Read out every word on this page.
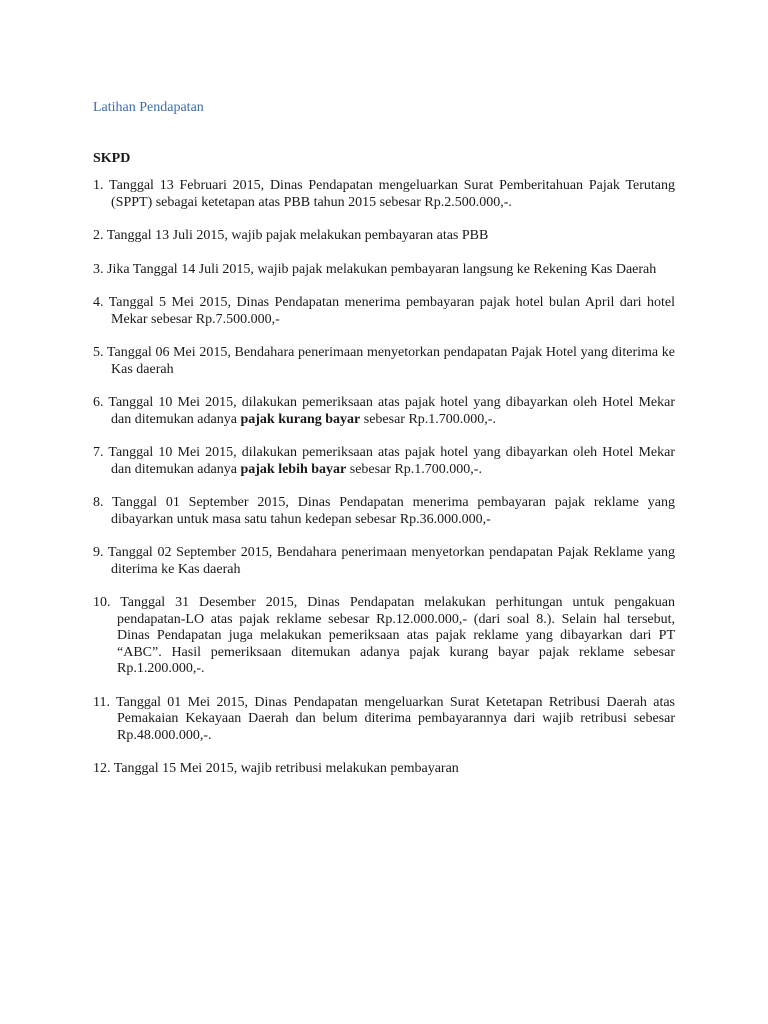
Latihan Pendapatan
SKPD
1. Tanggal 13 Februari 2015, Dinas Pendapatan mengeluarkan Surat Pemberitahuan Pajak Terutang (SPPT) sebagai ketetapan atas PBB tahun 2015 sebesar Rp.2.500.000,-.
2. Tanggal 13 Juli 2015, wajib pajak melakukan pembayaran atas PBB
3. Jika Tanggal 14 Juli 2015, wajib pajak melakukan pembayaran langsung ke Rekening Kas Daerah
4. Tanggal 5 Mei 2015, Dinas Pendapatan menerima pembayaran pajak hotel bulan April dari hotel Mekar sebesar Rp.7.500.000,-
5. Tanggal 06 Mei 2015, Bendahara penerimaan menyetorkan pendapatan Pajak Hotel yang diterima ke Kas daerah
6. Tanggal 10 Mei 2015, dilakukan pemeriksaan atas pajak hotel yang dibayarkan oleh Hotel Mekar dan ditemukan adanya pajak kurang bayar sebesar Rp.1.700.000,-.
7. Tanggal 10 Mei 2015, dilakukan pemeriksaan atas pajak hotel yang dibayarkan oleh Hotel Mekar dan ditemukan adanya pajak lebih bayar sebesar Rp.1.700.000,-.
8. Tanggal 01 September 2015, Dinas Pendapatan menerima pembayaran pajak reklame yang dibayarkan untuk masa satu tahun kedepan sebesar Rp.36.000.000,-
9. Tanggal 02 September 2015, Bendahara penerimaan menyetorkan pendapatan Pajak Reklame yang diterima ke Kas daerah
10. Tanggal 31 Desember 2015, Dinas Pendapatan melakukan perhitungan untuk pengakuan pendapatan-LO atas pajak reklame sebesar Rp.12.000.000,- (dari soal 8.). Selain hal tersebut, Dinas Pendapatan juga melakukan pemeriksaan atas pajak reklame yang dibayarkan dari PT “ABC”. Hasil pemeriksaan ditemukan adanya pajak kurang bayar pajak reklame sebesar Rp.1.200.000,-.
11. Tanggal 01 Mei 2015, Dinas Pendapatan mengeluarkan Surat Ketetapan Retribusi Daerah atas Pemakaian Kekayaan Daerah dan belum diterima pembayarannya dari wajib retribusi sebesar Rp.48.000.000,-.
12. Tanggal 15 Mei 2015, wajib retribusi melakukan pembayaran
